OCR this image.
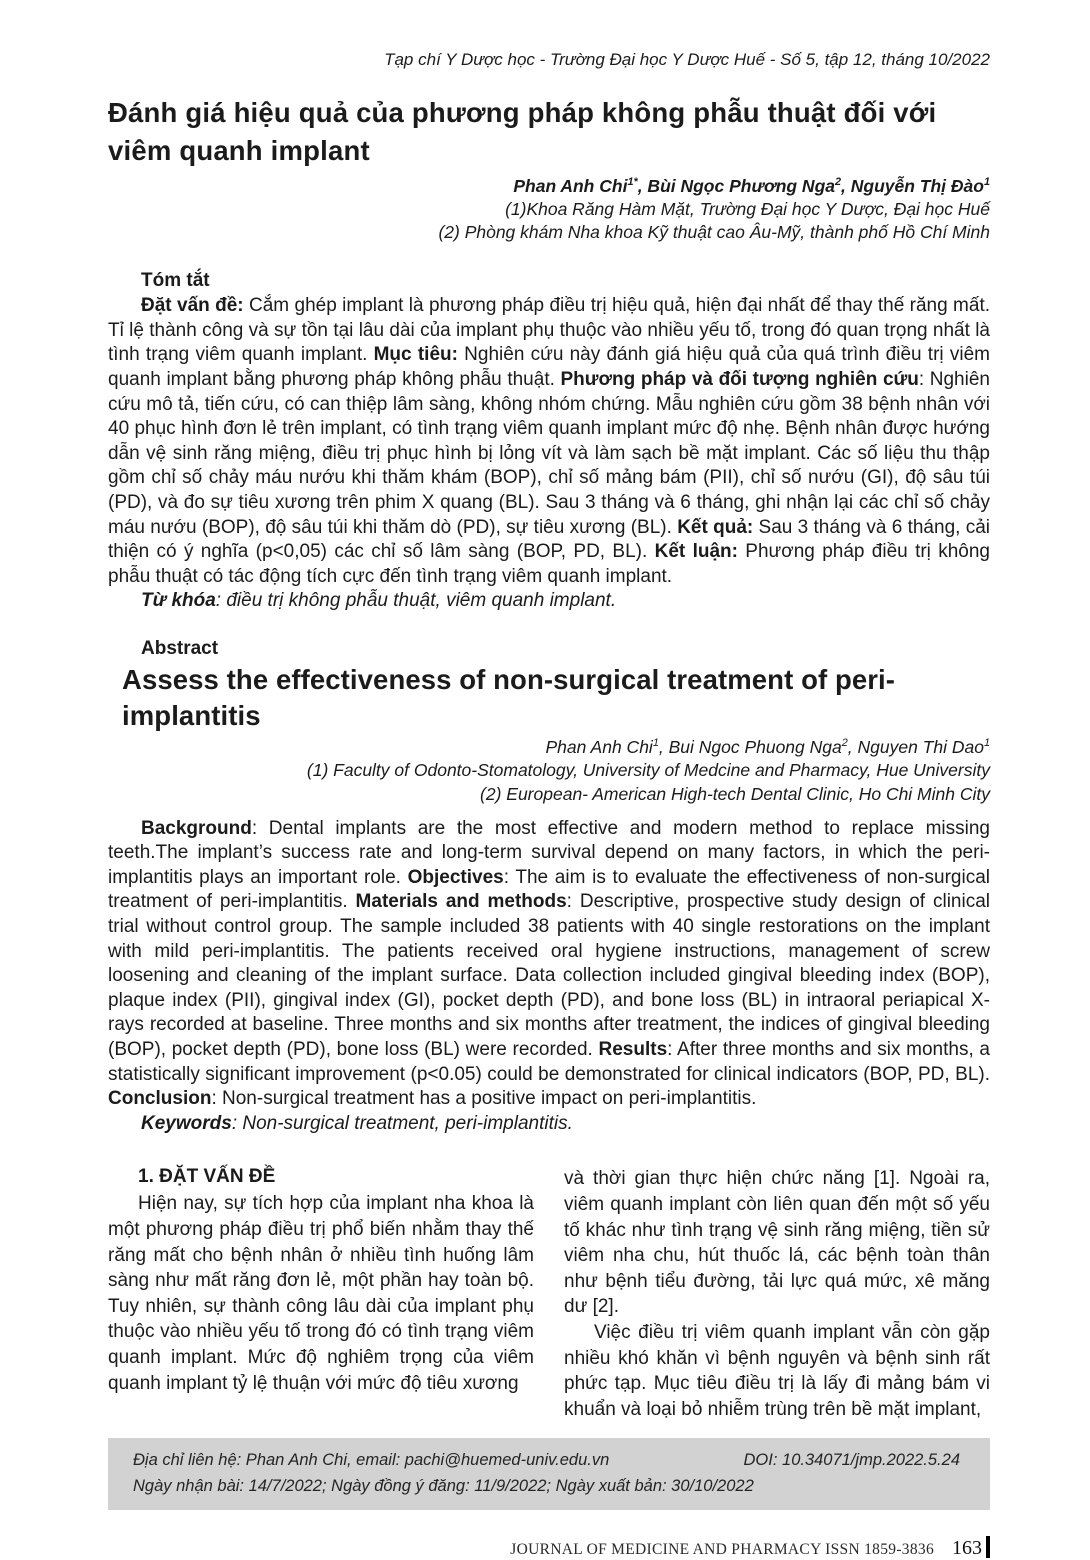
Tạp chí Y Dược học - Trường Đại học Y Dược Huế - Số 5, tập 12, tháng 10/2022

Đánh giá hiệu quả của phương pháp không phẫu thuật đối với viêm quanh implant
Phan Anh Chi$^{1*}$, Bùi Ngọc Phương Nga$^2$, Nguyễn Thị Đào$^1$
(1)Khoa Răng Hàm Mặt, Trường Đại học Y Dược, Đại học Huế
(2) Phòng khám Nha khoa Kỹ thuật cao Âu-Mỹ, thành phố Hồ Chí Minh
Tóm tắt

Đặt vấn đề: Cắm ghép implant là phương pháp điều trị hiệu quả, hiện đại nhất để thay thế răng mất. Tỉ lệ thành công và sự tồn tại lâu dài của implant phụ thuộc vào nhiều yếu tố, trong đó quan trọng nhất là tình trạng viêm quanh implant. Mục tiêu: Nghiên cứu này đánh giá hiệu quả của quá trình điều trị viêm quanh implant bằng phương pháp không phẫu thuật. Phương pháp và đối tượng nghiên cứu: Nghiên cứu mô tả, tiến cứu, có can thiệp lâm sàng, không nhóm chứng. Mẫu nghiên cứu gồm 38 bệnh nhân với 40 phục hình đơn lẻ trên implant, có tình trạng viêm quanh implant mức độ nhẹ. Bệnh nhân được hướng dẫn vệ sinh răng miệng, điều trị phục hình bị lỏng vít và làm sạch bề mặt implant. Các số liệu thu thập gồm chỉ số chảy máu nướu khi thăm khám (BOP), chỉ số mảng bám (PII), chỉ số nướu (GI), độ sâu túi (PD), và đo sự tiêu xương trên phim X quang (BL). Sau 3 tháng và 6 tháng, ghi nhận lại các chỉ số chảy máu nướu (BOP), độ sâu túi khi thăm dò (PD), sự tiêu xương (BL). Kết quả: Sau 3 tháng và 6 tháng, cải thiện có ý nghĩa (p<0,05) các chỉ số lâm sàng (BOP, PD, BL). Kết luận: Phương pháp điều trị không phẫu thuật có tác động tích cực đến tình trạng viêm quanh implant.

Từ khóa: điều trị không phẫu thuật, viêm quanh implant.

Abstract
Assess the effectiveness of non-surgical treatment of peri-implantitis
Phan Anh Chi$^1$, Bui Ngoc Phuong Nga$^2$, Nguyen Thi Dao$^1$
(1) Faculty of Odonto-Stomatology, University of Medcine and Pharmacy, Hue University
(2) European- American High-tech Dental Clinic, Ho Chi Minh City

Background: Dental implants are the most effective and modern method to replace missing teeth.The implant’s success rate and long-term survival depend on many factors, in which the peri-implantitis plays an important role. Objectives: The aim is to evaluate the effectiveness of non-surgical treatment of peri-implantitis. Materials and methods: Descriptive, prospective study design of clinical trial without control group. The sample included 38 patients with 40 single restorations on the implant with mild peri-implantitis. The patients received oral hygiene instructions, management of screw loosening and cleaning of the implant surface. Data collection included gingival bleeding index (BOP), plaque index (PII), gingival index (GI), pocket depth (PD), and bone loss (BL) in intraoral periapical X-rays recorded at baseline. Three months and six months after treatment, the indices of gingival bleeding (BOP), pocket depth (PD), bone loss (BL) were recorded. Results: After three months and six months, a statistically significant improvement (p<0.05) could be demonstrated for clinical indicators (BOP, PD, BL). Conclusion: Non-surgical treatment has a positive impact on peri-implantitis.

Keywords: Non-surgical treatment, peri-implantitis.

1. ĐẶT VẤN ĐỀ

Hiện nay, sự tích hợp của implant nha khoa là một phương pháp điều trị phổ biến nhằm thay thế răng mất cho bệnh nhân ở nhiều tình huống lâm sàng như mất răng đơn lẻ, một phần hay toàn bộ. Tuy nhiên, sự thành công lâu dài của implant phụ thuộc vào nhiều yếu tố trong đó có tình trạng viêm quanh implant. Mức độ nghiêm trọng của viêm quanh implant tỷ lệ thuận với mức độ tiêu xương

và thời gian thực hiện chức năng [1]. Ngoài ra, viêm quanh implant còn liên quan đến một số yếu tố khác như tình trạng vệ sinh răng miệng, tiền sử viêm nha chu, hút thuốc lá, các bệnh toàn thân như bệnh tiểu đường, tải lực quá mức, xê măng dư [2].

Việc điều trị viêm quanh implant vẫn còn gặp nhiều khó khăn vì bệnh nguyên và bệnh sinh rất phức tạp. Mục tiêu điều trị là lấy đi mảng bám vi khuẩn và loại bỏ nhiễm trùng trên bề mặt implant,

Địa chỉ liên hệ: Phan Anh Chi, email: pachi@huemed-univ.edu.vn	DOI: 10.34071/jmp.2022.5.24
Ngày nhận bài: 14/7/2022; Ngày đồng ý đăng: 11/9/2022; Ngày xuất bản: 30/10/2022
JOURNAL OF MEDICINE AND PHARMACY ISSN 1859-3836 163
